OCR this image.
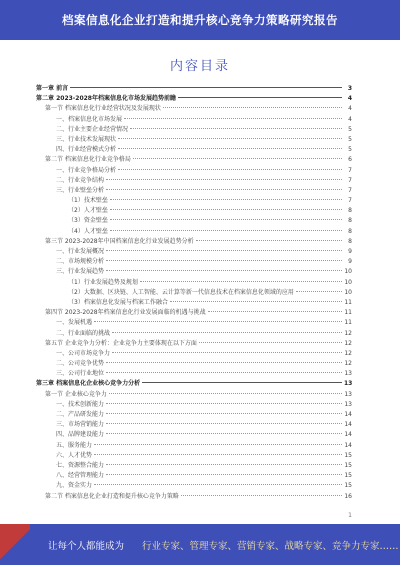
档案信息化企业打造和提升核心竞争力策略研究报告
内容目录
第一章 前言	3
第二章 2023-2028年档案信息化市场发展趋势前瞻	4
第一节 档案信息化行业经营状况及发展现状	4
一、档案信息化市场发展	4
二、行业主要企业经营情况	5
三、行业技术发展现状	5
四、行业经营模式分析	5
第二节 档案信息化行业竞争格局	6
一、行业竞争格局分析	7
二、行业竞争结构	7
三、行业壁垒分析	7
（1）技术壁垒	7
（2）人才壁垒	8
（3）资金壁垒	8
（4）人才壁垒	8
第三节 2023-2028年中国档案信息化行业发展趋势分析	8
一、行业发展概况	9
二、市场规模分析	9
三、行业发展趋势	10
（1）行业发展趋势及规划	10
（2）大数据、区块链、人工智能、云计算等新一代信息技术在档案信息化领域的应用	10
（3）档案信息化发展与档案工作融合	11
第四节 2023-2028年档案信息化行业发展面临的机遇与挑战	11
一、发展机遇	11
二、行业面临的挑战	12
第五节 企业竞争力分析：企业竞争力主要体现在以下方面	12
一、公司市场竞争力	12
二、公司竞争优势	12
三、公司行业地位	13
第三章 档案信息化企业核心竞争力分析	13
第一节 企业核心竞争力	13
一、技术创新能力	13
二、产品研发能力	14
三、市场营销能力	14
四、品牌建设能力	14
五、服务能力	14
六、人才优势	15
七、资源整合能力	15
八、经营管理能力	15
九、资金实力	15
第二节 档案信息化企业打造和提升核心竞争力策略	16
1
让每个人都能成为	行业专家、管理专家、营销专家、战略专家、竞争力专家……
